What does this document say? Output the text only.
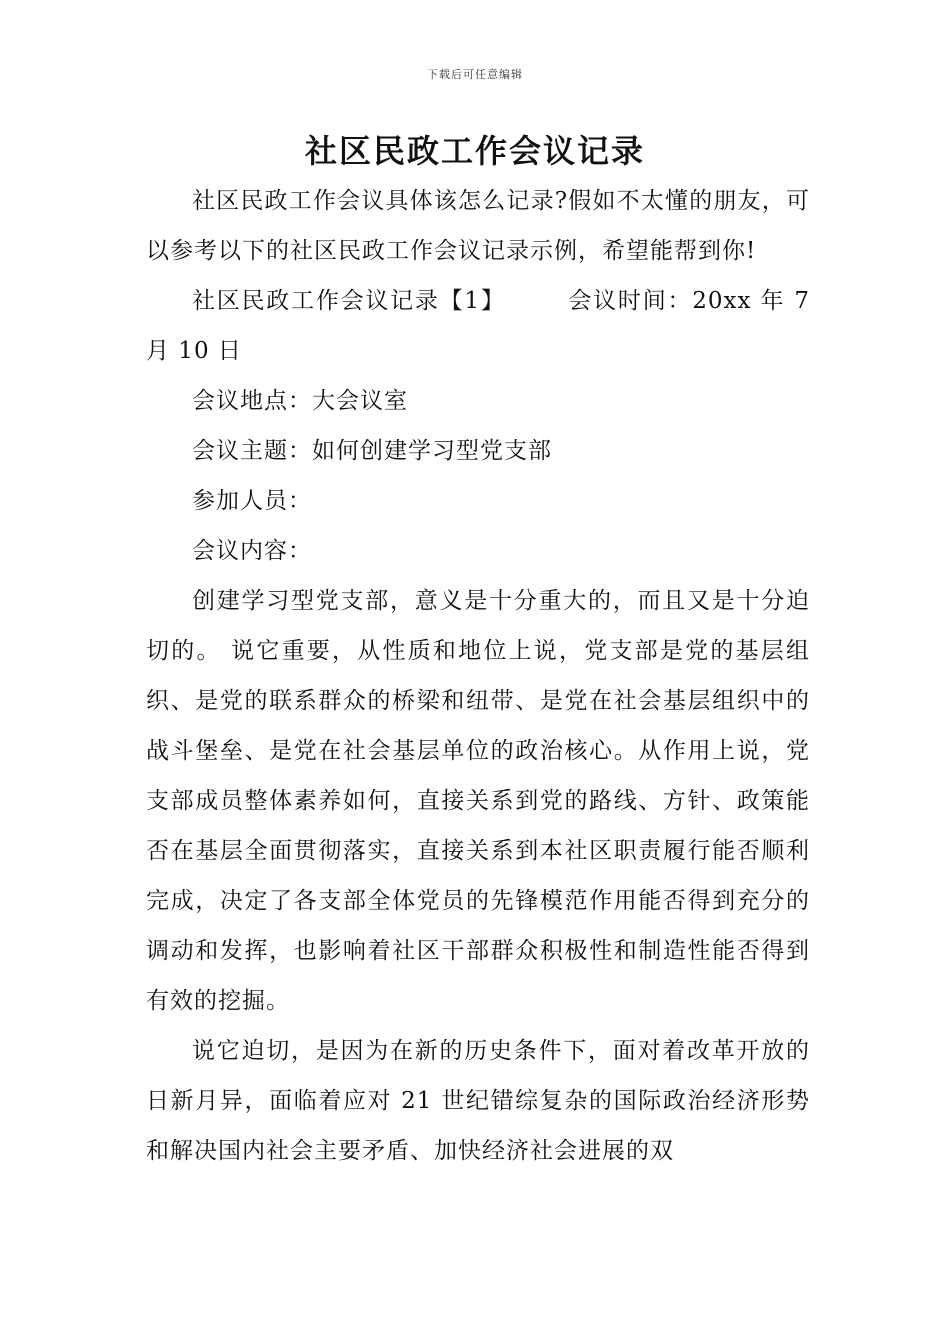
下载后可任意编辑
社区民政工作会议记录

社区民政工作会议具体该怎么记录?假如不太懂的朋友，可以参考以下的社区民政工作会议记录示例，希望能帮到你!

社区民政工作会议记录【1】　　　会议时间：20xx 年 7 月 10 日

会议地点：大会议室

会议主题：如何创建学习型党支部

参加人员：

会议内容：

创建学习型党支部，意义是十分重大的，而且又是十分迫切的。 说它重要，从性质和地位上说，党支部是党的基层组织、是党的联系群众的桥梁和纽带、是党在社会基层组织中的战斗堡垒、是党在社会基层单位的政治核心。从作用上说，党支部成员整体素养如何，直接关系到党的路线、方针、政策能否在基层全面贯彻落实，直接关系到本社区职责履行能否顺利完成，决定了各支部全体党员的先锋模范作用能否得到充分的调动和发挥，也影响着社区干部群众积极性和制造性能否得到有效的挖掘。

说它迫切，是因为在新的历史条件下，面对着改革开放的日新月异，面临着应对 21 世纪错综复杂的国际政治经济形势和解决国内社会主要矛盾、加快经济社会进展的双
